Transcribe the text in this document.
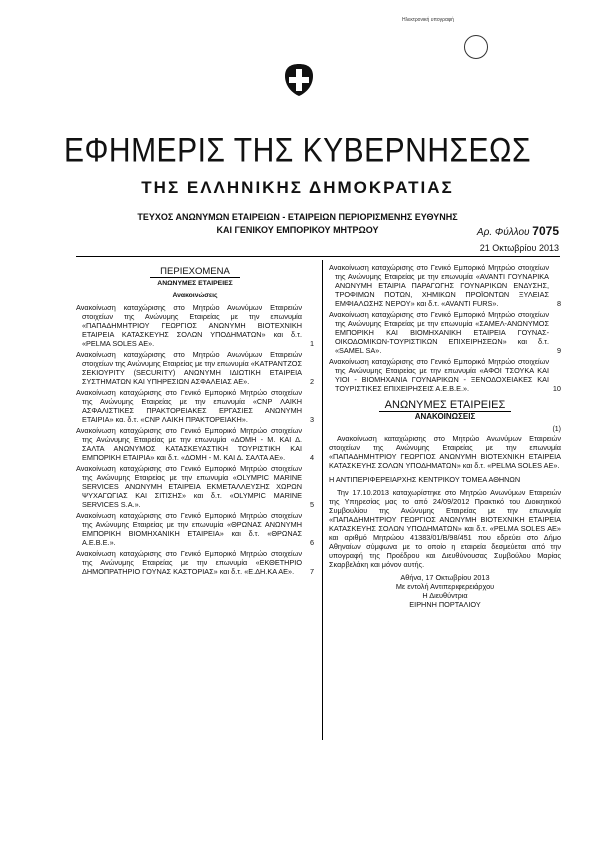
Ηλεκτρονική υπογραφή
ΕΦΗΜΕΡΙΣ ΤΗΣ ΚΥΒΕΡΝΗΣΕΩΣ
ΤΗΣ ΕΛΛΗΝΙΚΗΣ ΔΗΜΟΚΡΑΤΙΑΣ
ΤΕΥΧΟΣ ΑΝΩΝΥΜΩΝ ΕΤΑΙΡΕΙΩΝ - ΕΤΑΙΡΕΙΩΝ ΠΕΡΙΟΡΙΣΜΕΝΗΣ ΕΥΘΥΝΗΣ
ΚΑΙ ΓΕΝΙΚΟΥ ΕΜΠΟΡΙΚΟΥ ΜΗΤΡΩΟΥ	Αρ. Φύλλου 7075
21 Οκτωβρίου 2013
ΠΕΡΙΕΧΟΜΕΝΑ
ΑΝΩΝΥΜΕΣ ΕΤΑΙΡΕΙΕΣ
Ανακοινώσεις
Ανακοίνωση καταχώρισης στο Μητρώο Ανωνύμων Εταιρειών στοιχείων της Ανώνυμης Εταιρείας με την επωνυμία «ΠΑΠΑΔΗΜΗΤΡΙΟΥ ΓΕΩΡΓΙΟΣ ΑΝΩΝΥΜΗ ΒΙΟΤΕΧΝΙΚΗ ΕΤΑΙΡΕΙΑ ΚΑΤΑΣΚΕΥΗΣ ΣΟΛΩΝ ΥΠΟΔΗΜΑΤΩΝ» και δ.τ. «PELMA SOLES AE».	1
Ανακοίνωση καταχώρισης στο Μητρώο Ανωνύμων Εταιρειών στοιχείων της Ανώνυμης Εταιρείας με την επωνυμία «ΚΑΤΡΑΝΤΖΟΣ ΣΕΚΙΟΥΡΙΤΥ (SECURITY) ΑΝΩΝΥΜΗ ΙΔΙΩΤΙΚΗ ΕΤΑΙΡΕΙΑ ΣΥΣΤΗΜΑΤΩΝ ΚΑΙ ΥΠΗΡΕΣΙΩΝ ΑΣΦΑΛΕΙΑΣ ΑΕ».	2
Ανακοίνωση καταχώρισης στο Γενικό Εμπορικό Μητρώο στοιχείων της Ανώνυμης Εταιρείας με την επωνυμία «CNP ΛΑΙΚΗ ΑΣΦΑΛΙΣΤΙΚΕΣ ΠΡΑΚΤΟΡΕΙΑΚΕΣ ΕΡΓΑΣΙΕΣ ΑΝΩΝΥΜΗ ΕΤΑΙΡΙΑ» κα. δ.τ. «CNP ΛΑΙΚΗ ΠΡΑΚΤΟΡΕΙΑΚΗ».	3
Ανακοίνωση καταχώρισης στο Γενικό Εμπορικό Μητρώο στοιχείων της Ανώνυμης Εταιρείας με την επωνυμία «ΔΟΜΗ - Μ. ΚΑΙ Δ. ΣΑΛΤΑ ΑΝΩΝΥΜΟΣ ΚΑΤΑΣΚΕΥΑΣΤΙΚΗ ΤΟΥΡΙΣΤΙΚΗ ΚΑΙ ΕΜΠΟΡΙΚΗ ΕΤΑΙΡΙΑ» και δ.τ. «ΔΟΜΗ - Μ. ΚΑΙ Δ. ΣΑΛΤΑ ΑΕ».	4
Ανακοίνωση καταχώρισης στο Γενικό Εμπορικό Μητρώο στοιχείων της Ανώνυμης Εταιρείας με την επωνυμία «OLYMPIC MARINE SERVICES ΑΝΩΝΥΜΗ ΕΤΑΙΡΕΙΑ ΕΚΜΕΤΑΛΛΕΥΣΗΣ ΧΩΡΩΝ ΨΥΧΑΓΩΓΙΑΣ ΚΑΙ ΣΙΤΙΣΗΣ» και δ.τ. «OLYMPIC MARINE SERVICES S.A.».	5
Ανακοίνωση καταχώρισης στο Γενικό Εμπορικό Μητρώο στοιχείων της Ανώνυμης Εταιρείας με την επωνυμία «ΘΡΩΝΑΣ ΑΝΩΝΥΜΗ ΕΜΠΟΡΙΚΗ ΒΙΟΜΗΧΑΝΙΚΗ ΕΤΑΙΡΕΙΑ» και δ.τ. «ΘΡΩΝΑΣ Α.Ε.Β.Ε.».	6
Ανακοίνωση καταχώρισης στο Γενικό Εμπορικό Μητρώο στοιχείων της Ανώνυμης Εταιρείας με την επωνυμία «ΕΚΘΕΤΗΡΙΟ ΔΗΜΟΠΡΑΤΗΡΙΟ ΓΟΥΝΑΣ ΚΑΣΤΟΡΙΑΣ» και δ.τ. «Ε.ΔΗ.ΚΑ ΑΕ».	7
Ανακοίνωση καταχώρισης στο Γενικό Εμπορικό Μητρώο στοιχείων της Ανώνυμης Εταιρείας με την επωνυμία «AVANTI ΓΟΥΝΑΡΙΚΑ ΑΝΩΝΥΜΗ ΕΤΑΙΡΙΑ ΠΑΡΑΓΩΓΗΣ ΓΟΥΝΑΡΙΚΩΝ ΕΝΔΥΣΗΣ, ΤΡΟΦΙΜΩΝ ΠΟΤΩΝ, ΧΗΜΙΚΩΝ ΠΡΟΪΟΝΤΩΝ ΞΥΛΕΙΑΣ ΕΜΦΙΑΛΩΣΗΣ ΝΕΡΟΥ» και δ.τ. «AVANTI FURS».	8
Ανακοίνωση καταχώρισης στο Γενικό Εμπορικό Μητρώο στοιχείων της Ανώνυμης Εταιρείας με την επωνυμία «ΣΑΜΕΛ-ΑΝΩΝΥΜΟΣ ΕΜΠΟΡΙΚΗ ΚΑΙ ΒΙΟΜΗΧΑΝΙΚΗ ΕΤΑΙΡΕΙΑ ΓΟΥΝΑΣ-ΟΙΚΟΔΟΜΙΚΩΝ-ΤΟΥΡΙΣΤΙΚΩΝ ΕΠΙΧΕΙΡΗΣΕΩΝ» και δ.τ. «SAMEL SA».	9
Ανακοίνωση καταχώρισης στο Γενικό Εμπορικό Μητρώο στοιχείων της Ανώνυμης Εταιρείας με την επωνυμία «ΑΦΟΙ ΤΣΟΥΚΑ ΚΑΙ ΥΙΟΙ - ΒΙΟΜΗΧΑΝΙΑ ΓΟΥΝΑΡΙΚΩΝ - ΞΕΝΟΔΟΧΕΙΑΚΕΣ ΚΑΙ ΤΟΥΡΙΣΤΙΚΕΣ ΕΠΙΧΕΙΡΗΣΕΙΣ Α.Ε.Β.Ε.».	10
ΑΝΩΝΥΜΕΣ ΕΤΑΙΡΕΙΕΣ
ΑΝΑΚΟΙΝΩΣΕΙΣ
(1)
Ανακοίνωση καταχώρισης στο Μητρώο Ανωνύμων Εταιρειών στοιχείων της Ανώνυμης Εταιρείας με την επωνυμία «ΠΑΠΑΔΗΜΗΤΡΙΟΥ ΓΕΩΡΓΙΟΣ ΑΝΩΝΥΜΗ ΒΙΟΤΕΧΝΙΚΗ ΕΤΑΙΡΕΙΑ ΚΑΤΑΣΚΕΥΗΣ ΣΟΛΩΝ ΥΠΟΔΗΜΑΤΩΝ» και δ.τ. «PELMA SOLES AE».
Η ΑΝΤΙΠΕΡΙΦΕΡΕΙΑΡΧΗΣ ΚΕΝΤΡΙΚΟΥ ΤΟΜΕΑ ΑΘΗΝΩΝ
Την 17.10.2013 καταχωρίστηκε στο Μητρώο Ανωνύμων Εταιρειών της Υπηρεσίας μας το από 24/09/2012 Πρακτικό του Διοικητικού Συμβουλίου της Ανώνυμης Εταιρείας με την επωνυμία «ΠΑΠΑΔΗΜΗΤΡΙΟΥ ΓΕΩΡΓΙΟΣ ΑΝΩΝΥΜΗ ΒΙΟΤΕΧΝΙΚΗ ΕΤΑΙΡΕΙΑ ΚΑΤΑΣΚΕΥΗΣ ΣΟΛΩΝ ΥΠΟΔΗΜΑΤΩΝ» και δ.τ. «PELMA SOLES AE» και αριθμό Μητρώου 41383/01/Β/98/451 που εδρεύει στο Δήμο Αθηναίων σύμφωνα με το οποίο η εταιρεία δεσμεύεται από την υπογραφή της Προέδρου και Διευθύνουσας Συμβούλου Μαρίας Σκαρβελάκη και μόνον αυτής.
Αθήνα, 17 Οκτωβρίου 2013
Με εντολή Αντιπεριφερειάρχου
Η Διευθύντρια
ΕΙΡΗΝΗ ΠΟΡΤΑΛΙΟΥ
